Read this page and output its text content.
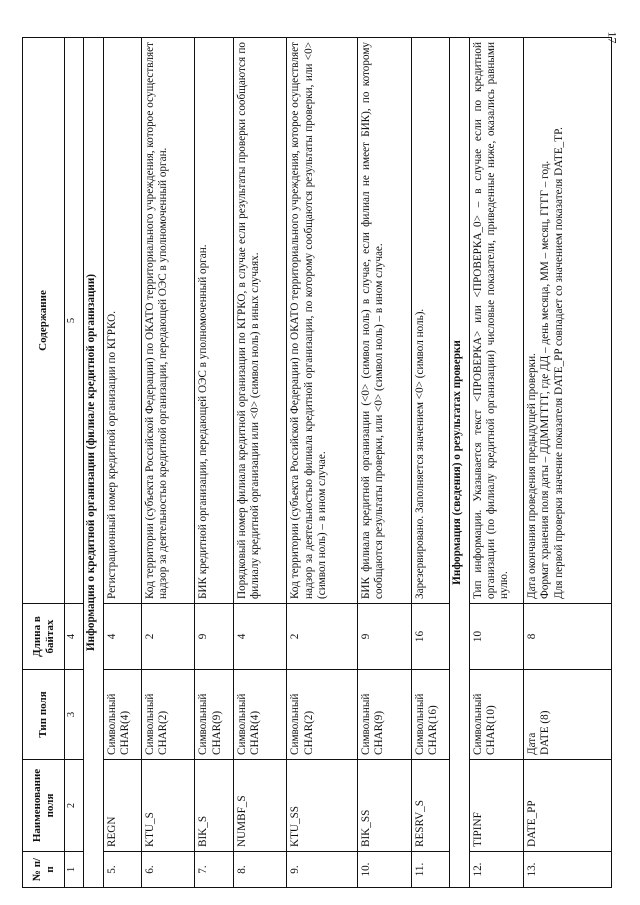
17
№ п/п	Наименование поля	Тип поля	Длина в байтах	Содержание
1	2	3	4	5
Информация о кредитной организации (филиале кредитной организации)				
5.	REGN	Символьный CHAR(4)	4	Регистрационный номер кредитной организации по КГРКО.
6.	KTU_S	Символьный CHAR(2)	2	Код территории (субъекта Российской Федерации) по ОКАТО территориального учреждения, которое осуществляет надзор за деятельностью кредитной организации, передающей ОЭС в уполномоченный орган.
7.	BIK_S	Символьный CHAR(9)	9	БИК кредитной организации, передающей ОЭС в уполномоченный орган.
8.	NUMBF_S	Символьный CHAR(4)	4	Порядковый номер филиала кредитной организации по КГРКО, в случае если результаты проверки сообщаются по филиалу кредитной организации или <0> (символ ноль) в иных случаях.
9.	KTU_SS	Символьный CHAR(2)	2	Код территории (субъекта Российской Федерации) по ОКАТО территориального учреждения, которое осуществляет надзор за деятельностью филиала кредитной организации, по которому сообщаются результаты проверки, или <0> (символ ноль) – в ином случае.
10.	BIK_SS	Символьный CHAR(9)	9	БИК филиала кредитной организации (<0> (символ ноль) в случае, если филиал не имеет БИК), по которому сообщаются результаты проверки, или <0> (символ ноль) – в ином случае.
11.	RESRV_S	Символьный CHAR(16)	16	Зарезервировано. Заполняется значением <0> (символ ноль).
Информация (сведения) о результатах проверки				
12.	TIPINF	Символьный CHAR(10)	10	Тип информации. Указывается текст <ПРОВЕРКА> или <ПРОВЕРКА_0> – в случае если по кредитной организации (по филиалу кредитной организации) числовые показатели, приведенные ниже, оказались равными нулю.
13.	DATE_PP	Дата DATE (8)	8	Дата окончания проведения предыдущей проверки. Формат хранения поля даты – ДДММГГГГ, где ДД – день месяца, ММ – месяц, ГГГГ – год. Для первой проверки значение показателя DATE_PP совпадает со значением показателя DATE_TP.
